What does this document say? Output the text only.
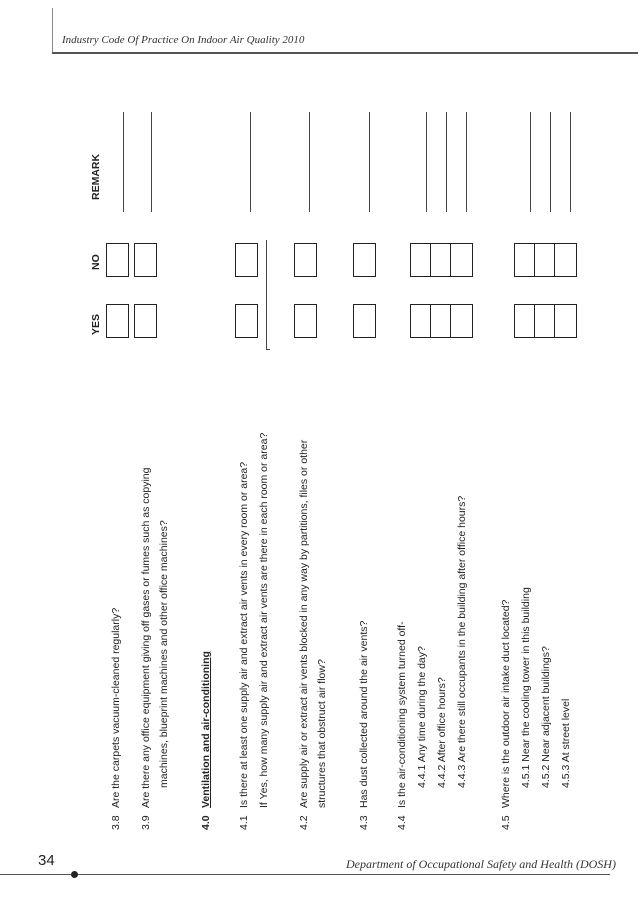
Industry Code Of Practice On Indoor Air Quality 2010
YES
NO
REMARK
3.8
Are the carpets vacuum-cleaned regularly?
3.9
Are there any office equipment giving off gases or fumes such as copying machines, blueprint machines and other office machines?
4.0
Ventilation and air-conditioning
4.1
Is there at least one supply air and extract air vents in every room or area? If Yes, how many supply air and extract air vents are there in each room or area?
4.2
Are supply air or extract air vents blocked in any way by partitions, files or other structures that obstruct air flow?
4.3
Has dust collected around the air vents?
4.4
Is the air-conditioning system turned off- 4.4.1 Any time during the day? 4.4.2 After office hours? 4.4.3 Are there still occupants in the building after office hours?
4.5
Where is the outdoor air intake duct located? 4.5.1 Near the cooling tower in this building 4.5.2 Near adjacent buildings? 4.5.3 At street level
34	Department of Occupational Safety and Health (DOSH)
